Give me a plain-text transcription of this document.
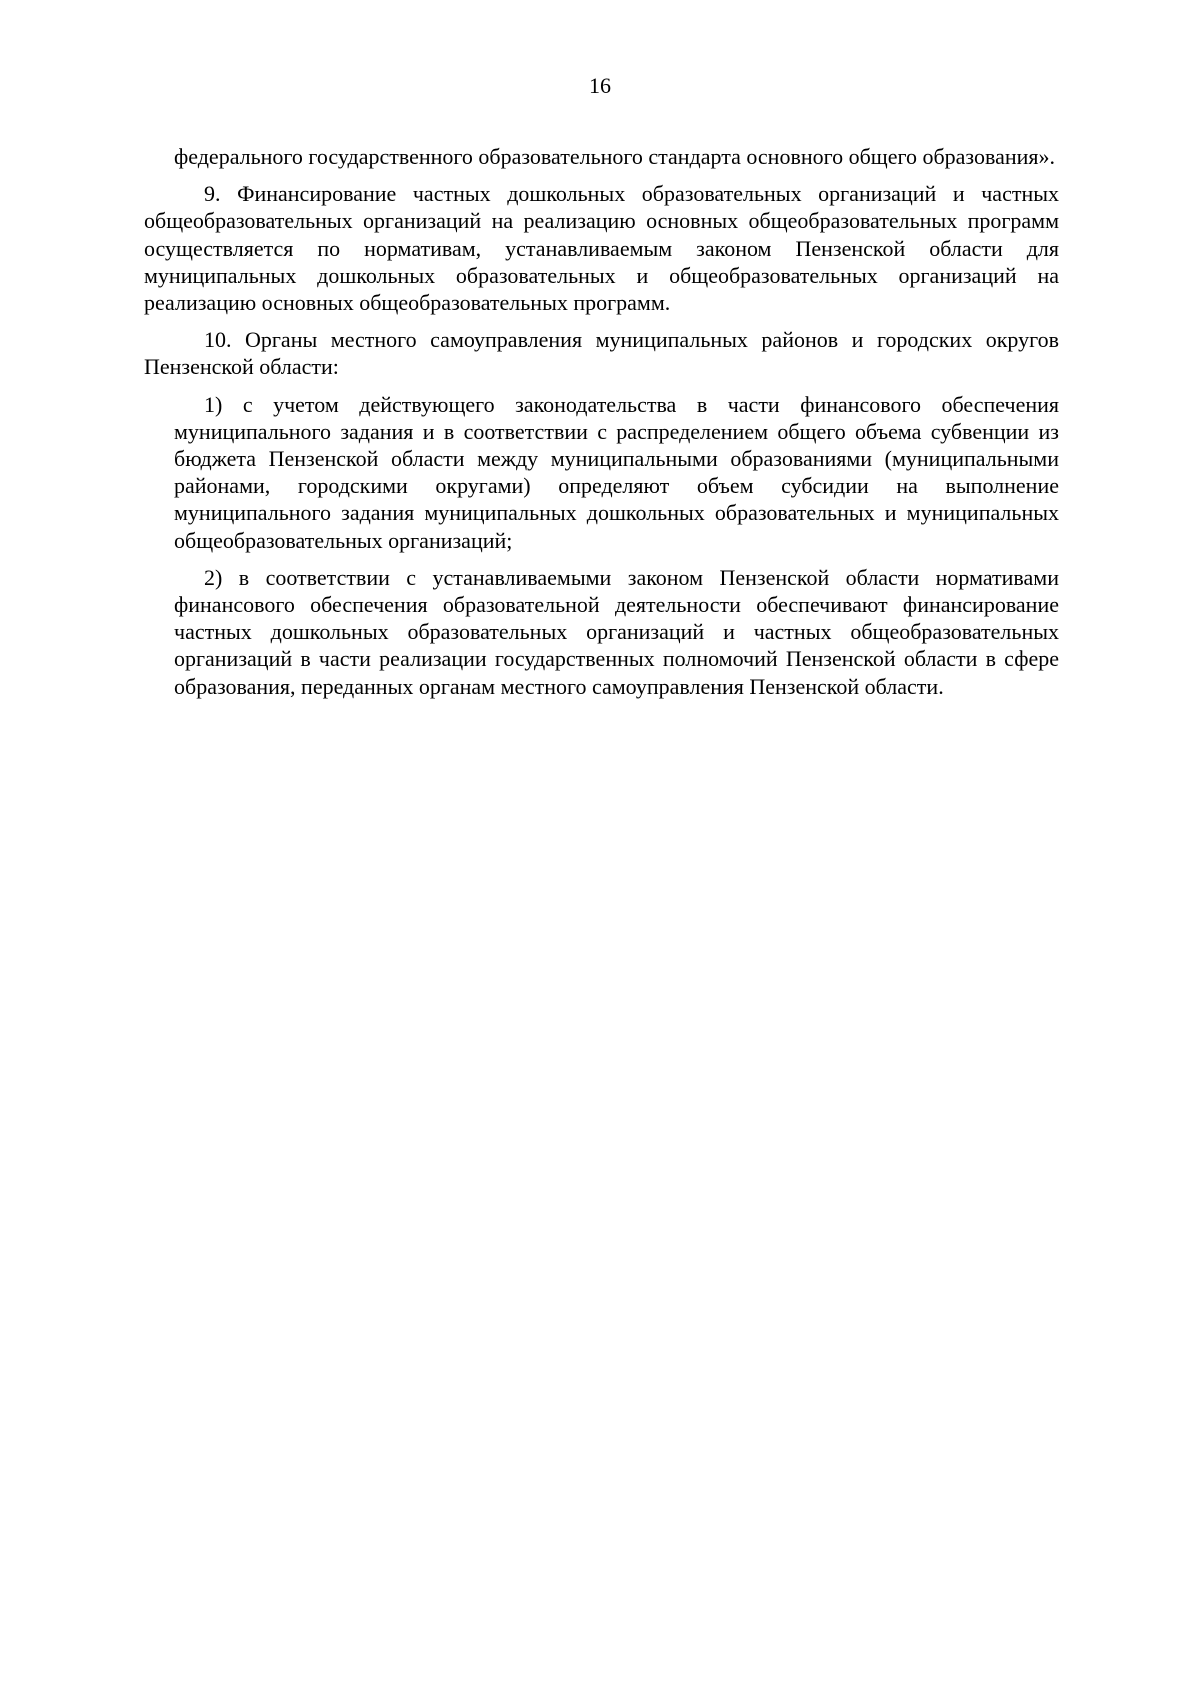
16

федерального государственного образовательного стандарта основного общего образования».

9. Финансирование частных дошкольных образовательных организаций и частных общеобразовательных организаций на реализацию основных общеобразовательных программ осуществляется по нормативам, устанавливаемым законом Пензенской области для муниципальных дошкольных образовательных и общеобразовательных организаций на реализацию основных общеобразовательных программ.

10. Органы местного самоуправления муниципальных районов и городских округов Пензенской области:

1) с учетом действующего законодательства в части финансового обеспечения муниципального задания и в соответствии с распределением общего объема субвенции из бюджета Пензенской области между муниципальными образованиями (муниципальными районами, городскими округами) определяют объем субсидии на выполнение муниципального задания муниципальных дошкольных образовательных и муниципальных общеобразовательных организаций;

2) в соответствии с устанавливаемыми законом Пензенской области нормативами финансового обеспечения образовательной деятельности обеспечивают финансирование частных дошкольных образовательных организаций и частных общеобразовательных организаций в части реализации государственных полномочий Пензенской области в сфере образования, переданных органам местного самоуправления Пензенской области.
